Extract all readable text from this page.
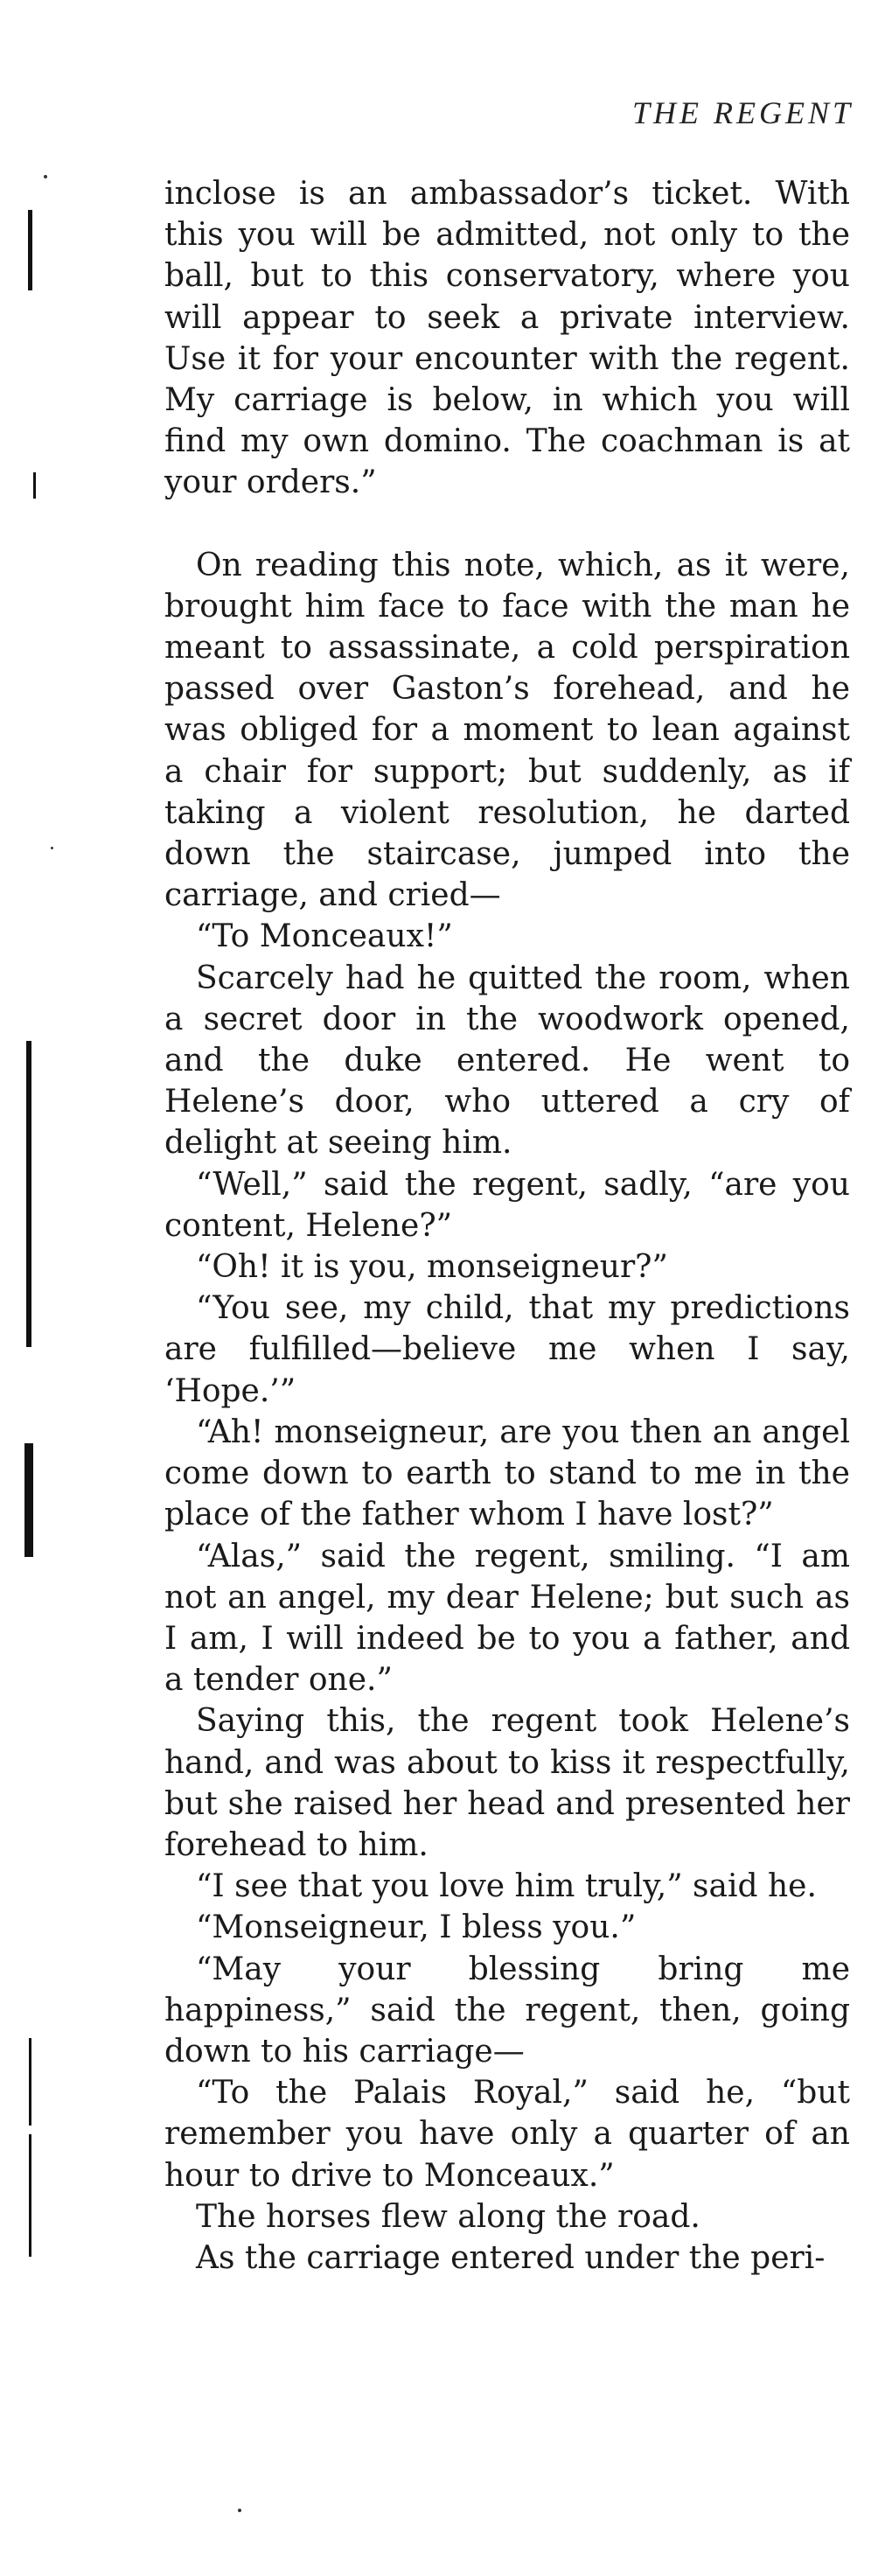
THE REGENT

inclose is an ambassador’s ticket. With this you will be admitted, not only to the ball, but to this conservatory, where you will appear to seek a private interview. Use it for your encounter with the regent. My carriage is below, in which you will find my own domino. The coachman is at your orders.”

On reading this note, which, as it were, brought him face to face with the man he meant to assassinate, a cold perspiration passed over Gaston’s forehead, and he was obliged for a moment to lean against a chair for support; but suddenly, as if taking a violent resolution, he darted down the staircase, jumped into the carriage, and cried—

“To Monceaux!”

Scarcely had he quitted the room, when a secret door in the woodwork opened, and the duke entered. He went to Helene’s door, who uttered a cry of delight at seeing him.

“Well,” said the regent, sadly, “are you content, Helene?”

“Oh! it is you, monseigneur?”

“You see, my child, that my predictions are fulfilled—believe me when I say, ‘Hope.’”

“Ah! monseigneur, are you then an angel come down to earth to stand to me in the place of the father whom I have lost?”

“Alas,” said the regent, smiling. “I am not an angel, my dear Helene; but such as I am, I will indeed be to you a father, and a tender one.”

Saying this, the regent took Helene’s hand, and was about to kiss it respectfully, but she raised her head and presented her forehead to him.

“I see that you love him truly,” said he.

“Monseigneur, I bless you.”

“May your blessing bring me happiness,” said the regent, then, going down to his carriage—

“To the Palais Royal,” said he, “but remember you have only a quarter of an hour to drive to Monceaux.”

The horses flew along the road.

As the carriage entered under the peri-
